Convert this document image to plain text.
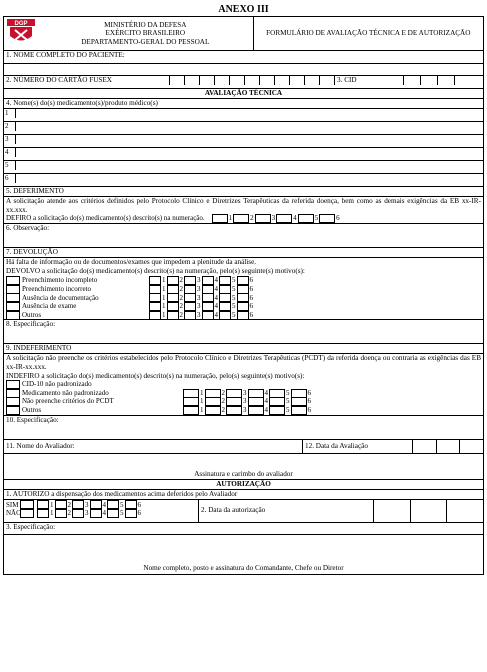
ANEXO III
DGP	MINISTÉRIO DA DEFESA
EXÉRCITO BRASILEIRO
DEPARTAMENTO-GERAL DO PESSOAL
	FORMULÁRIO DE AVALIAÇÃO TÉCNICA E DE AUTORIZAÇÃO
1. NOME COMPLETO DO PACIENTE:

2. NÚMERO DO CARTÃO FUSEX												3. CID				

AVALIAÇÃO TÉCNICA
4. Nome(s) do(s) medicamento(s)/produto médico(s)

1

2

3

4

5

6

5. DEFERIMENTO

A solicitação atende aos critérios definidos pelo Protocolo Clínico e Diretrizes Terapêuticas da referida doença, bem como as demais exigências da EB xx-IR-xx.xxx.
DEFIRO a solicitação do(s) medicamento(s) descrito(s) na numeração.	1	2	3	4	5	6

6. Observação:
7. DEVOLUÇÃO

Há falta de informação ou de documentos/exames que impedem a plenitude da análise.
DEVOLVO a solicitação do(s) medicamento(s) descrito(s) na numeração, pelo(s) seguinte(s) motivo(s):
Preenchimento incompleto	1 2 3 4 5 6
Preenchimento incorreto	1 2 3 4 5 6
Ausência de documentação	1 2 3 4 5 6
Ausência de exame	1 2 3 4 5 6
Outros	1 2 3 4 5 6

8. Especificação:
9. INDEFERIMENTO

A solicitação não preenche os critérios estabelecidos pelo Protocolo Clínico e Diretrizes Terapêuticas (PCDT) da referida doença ou contraria as exigências das EB xx-IR-xx.xxx.
INDEFIRO a solicitação do(s) medicamento(s) descrito(s) na numeração, pelo(s) seguinte(s) motivo(s):
CID-10 não padronizado
Medicamento não padronizado	1	2	3	4	5	6
Não preenche critérios do PCDT	1	2	3	4	5	6
Outros	1	2	3	4	5	6

10. Especificação:

11. Nome do Avaliador:	12. Data da Avaliação			

Assinatura e carimbo do avaliador
AUTORIZAÇÃO
1. AUTORIZO a dispensação dos medicamentos acima deferidos pelo Avaliador

SIM	1 2 3 4 5 6
NÃO	1 2 3 4 5 6	2. Data da autorização			

3. Especificação:
Nome completo, posto e assinatura do Comandante, Chefe ou Diretor
